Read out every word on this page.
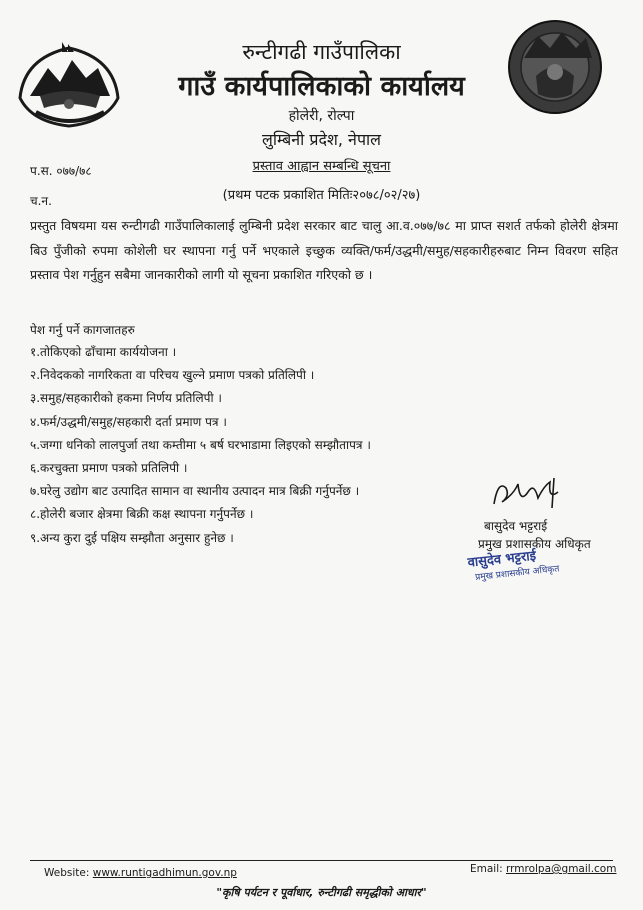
रुन्टीगढी गाउँपालिका
गाउँ कार्यपालिकाको कार्यालय
होलेरी, रोल्पा
लुम्बिनी प्रदेश, नेपाल
प.स. ०७७/७८	प्रस्ताव आह्वान सम्बन्धि सूचना
च.न.	(प्रथम पटक प्रकाशित मितिः२०७८/०२/२७)
प्रस्तुत विषयमा यस रुन्टीगढी गाउँपालिकालाई लुम्बिनी प्रदेश सरकार बाट चालु आ.व.०७७/७८ मा प्राप्त सशर्त तर्फको होलेरी क्षेत्रमा बिउ पुँजीको रुपमा कोशेली घर स्थापना गर्नु पर्ने भएकाले इच्छुक व्यक्ति/फर्म/उद्धमी/समुह/सहकारीहरुबाट निम्न विवरण सहित प्रस्ताव पेश गर्नुहुन सबैमा जानकारीको लागी यो सूचना प्रकाशित गरिएको छ ।
पेश गर्नु पर्ने कागजातहरु
१.तोकिएको ढाँचामा कार्ययोजना ।
२.निवेदकको नागरिकता वा परिचय खुल्ने प्रमाण पत्रको प्रतिलिपी ।
३.समुह/सहकारीको हकमा निर्णय प्रतिलिपी ।
४.फर्म/उद्धमी/समुह/सहकारी दर्ता प्रमाण पत्र ।
५.जग्गा धनिको लालपुर्जा तथा कम्तीमा ५ बर्ष घरभाडामा लिइएको सम्झौतापत्र ।
६.करचुक्ता प्रमाण पत्रको प्रतिलिपी ।
७.घरेलु उद्योग बाट उत्पादित सामान वा स्थानीय उत्पादन मात्र बिक्री गर्नुपर्नेछ ।
८.होलेरी बजार क्षेत्रमा बिक्री कक्ष स्थापना गर्नुपर्नेछ ।
९.अन्य कुरा दुई पक्षिय सम्झौता अनुसार हुनेछ ।
बासुदेव भट्टराई
प्रमुख प्रशासकीय अधिकृत
वासुदेव भट्टराई
प्रमुख प्रशासकीय अधिकृत
Website: www.runtigadhimun.gov.np	Email: rrmrolpa@gmail.com
"कृषि पर्यटन र पूर्वाधार, रुन्टीगढी समृद्धीको आधार"
